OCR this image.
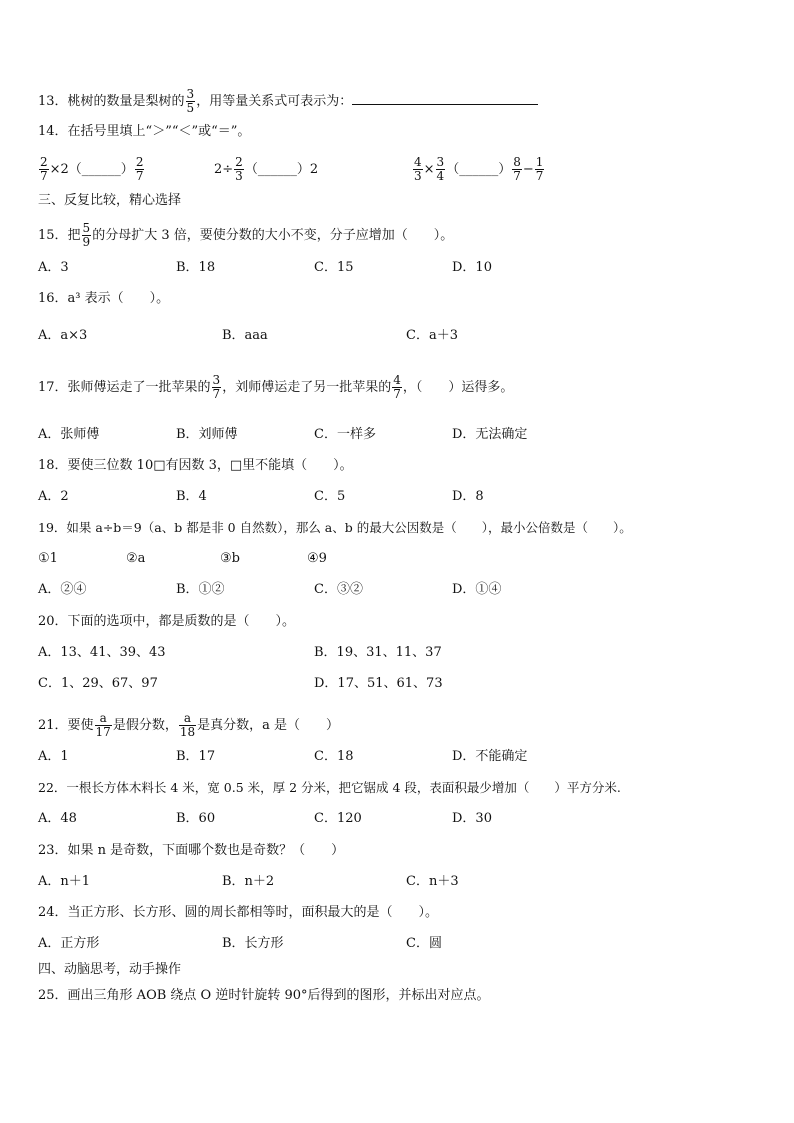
13．桃树的数量是梨树的 $\frac{3}{5}$ ，用等量关系式可表示为：
14．在括号里填上“＞”“＜”或“＝”。
$\frac{2}{7}$ ×2（______） $\frac{2}{7}$	$2\div \frac{2}{3}$ （______）2	$\frac{4}{3} \times \frac{3}{4}$ （______） $\frac{8}{7} - \frac{1}{7}$
三、反复比较，精心选择
15．把 $\frac{5}{9}$ 的分母扩大 3 倍，要使分数的大小不变，分子应增加（　　）。
A．3	B．18	C．15	D．10
16．a³ 表示（　　）。
A．a×3	B．aaa	C．a＋3
17．张师傅运走了一批苹果的 $\frac{3}{7}$ ，刘师傅运走了另一批苹果的 $\frac{4}{7}$ ，（　　）运得多。
A．张师傅	B．刘师傅	C．一样多	D．无法确定
18．要使三位数 10□有因数 3，□里不能填（　　）。
A．2	B．4	C．5	D．8
19．如果 a÷b＝9（a、b 都是非 0 自然数），那么 a、b 的最大公因数是（　　），最小公倍数是（　　）。
①1	②a	③b	④9
A．②④	B．①②	C．③②	D．①④
20．下面的选项中，都是质数的是（　　）。
A．13、41、39、43	B．19、31、11、37
C．1、29、67、97	D．17、51、61、73
21．要使 $\frac{a}{17}$ 是假分数， $\frac{a}{18}$ 是真分数，a 是（　　）
A．1	B．17	C．18	D．不能确定
22．一根长方体木料长 4 米，宽 0.5 米，厚 2 分米，把它锯成 4 段，表面积最少增加（　　）平方分米.
A．48	B．60	C．120	D．30
23．如果 n 是奇数，下面哪个数也是奇数？（　　）
A．n＋1	B．n＋2	C．n＋3
24．当正方形、长方形、圆的周长都相等时，面积最大的是（　　）。
A．正方形	B．长方形	C．圆
四、动脑思考，动手操作
25．画出三角形 AOB 绕点 O 逆时针旋转 90°后得到的图形，并标出对应点。
